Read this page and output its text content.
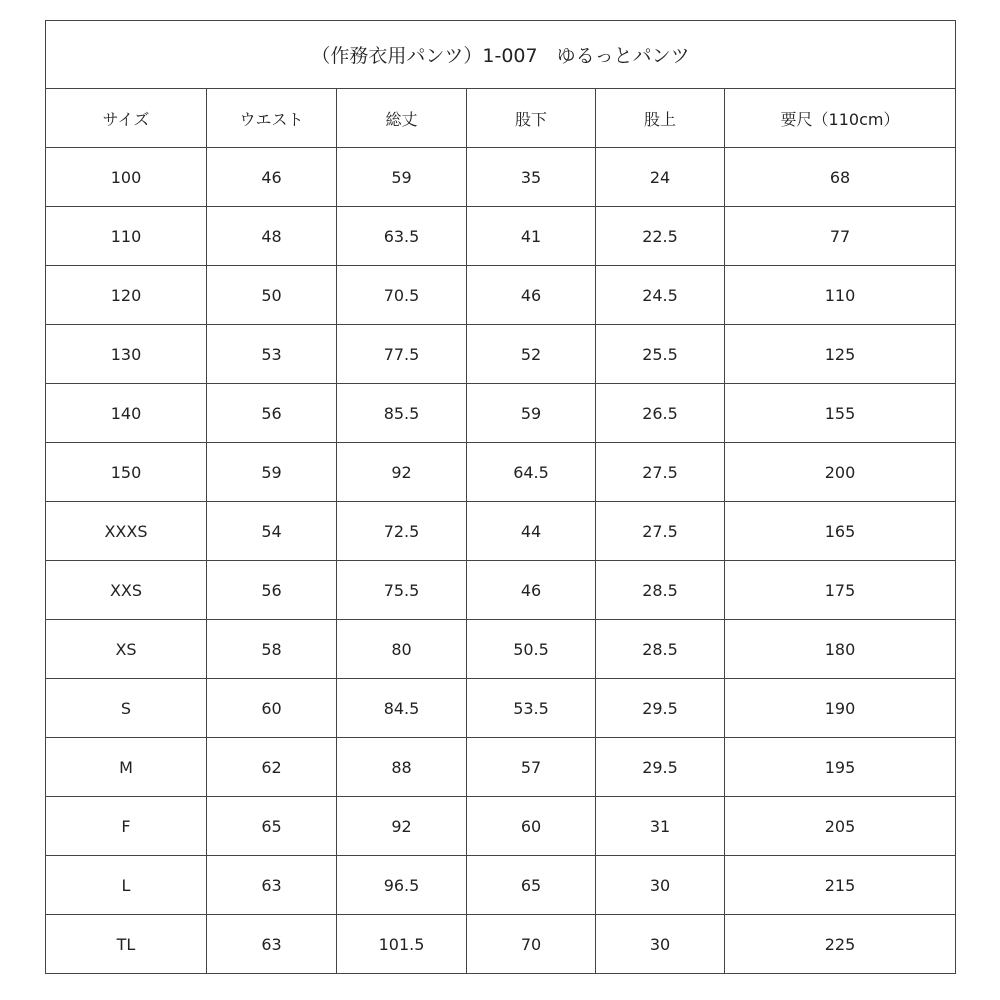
（作務衣用パンツ）1-007　ゆるっとパンツ					
サイズ	ウエスト	総丈	股下	股上	要尺（110cm）
100	46	59	35	24	68
110	48	63.5	41	22.5	77
120	50	70.5	46	24.5	110
130	53	77.5	52	25.5	125
140	56	85.5	59	26.5	155
150	59	92	64.5	27.5	200
XXXS	54	72.5	44	27.5	165
XXS	56	75.5	46	28.5	175
XS	58	80	50.5	28.5	180
S	60	84.5	53.5	29.5	190
M	62	88	57	29.5	195
F	65	92	60	31	205
L	63	96.5	65	30	215
TL	63	101.5	70	30	225
